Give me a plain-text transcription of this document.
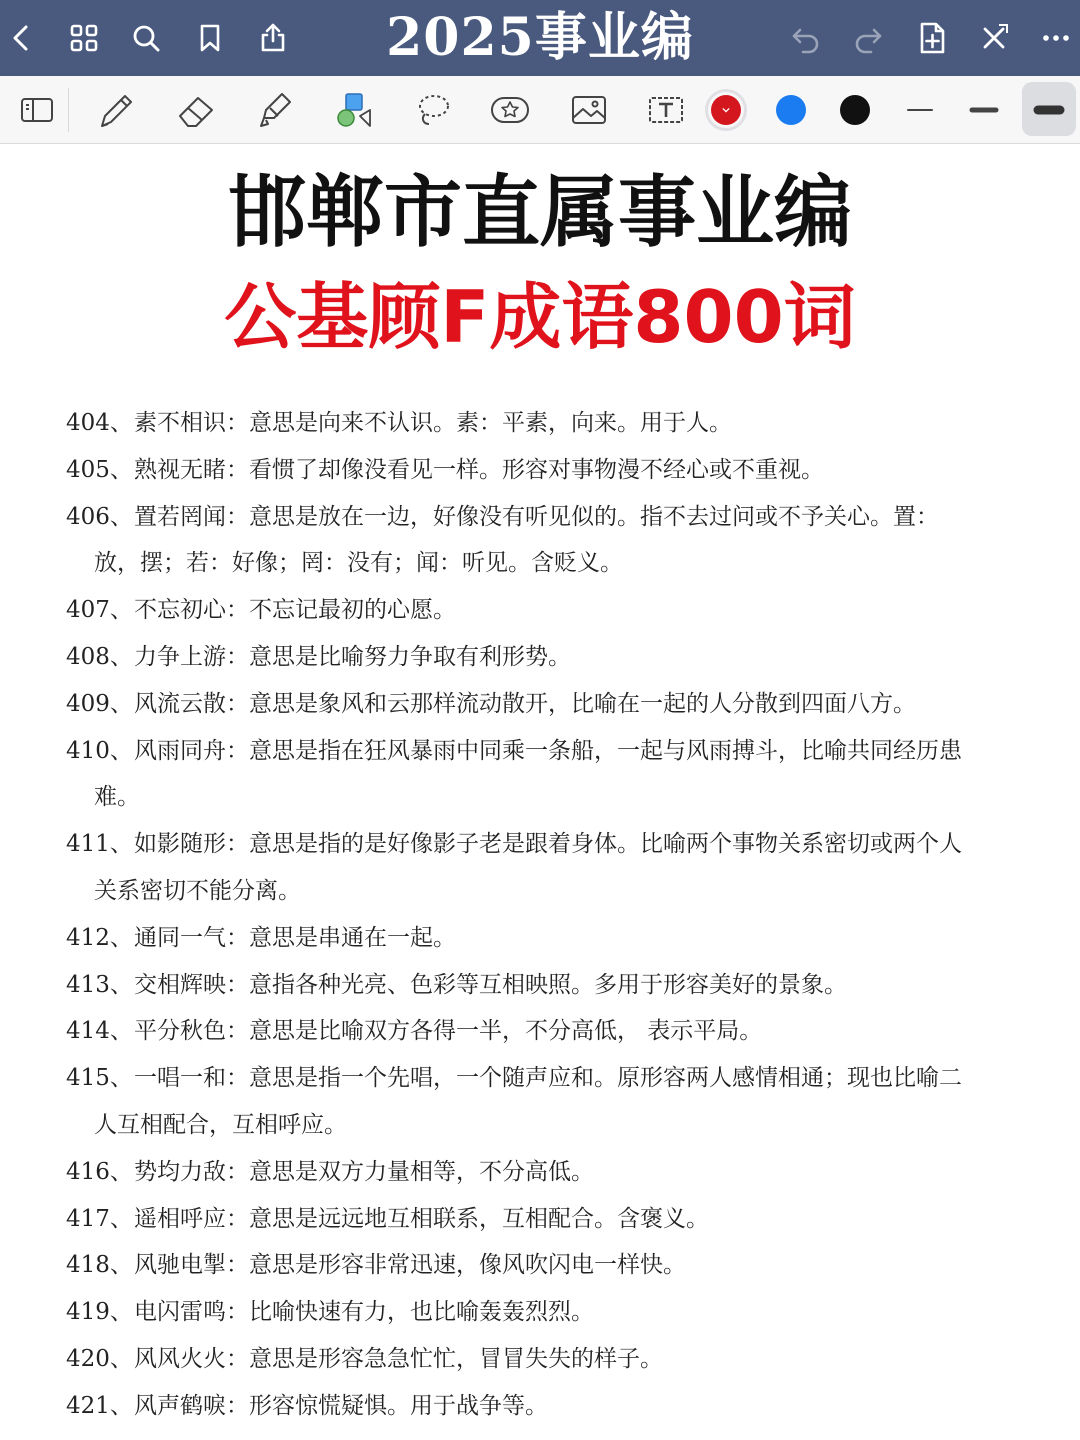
2025事业编
邯郸市直属事业编
公基顾F成语800词
404、素不相识：意思是向来不认识。素：平素，向来。用于人。
405、熟视无睹：看惯了却像没看见一样。形容对事物漫不经心或不重视。
406、置若罔闻：意思是放在一边，好像没有听见似的。指不去过问或不予关心。置：
放，摆；若：好像；罔：没有；闻：听见。含贬义。
407、不忘初心：不忘记最初的心愿。
408、力争上游：意思是比喻努力争取有利形势。
409、风流云散：意思是象风和云那样流动散开，比喻在一起的人分散到四面八方。
410、风雨同舟：意思是指在狂风暴雨中同乘一条船，一起与风雨搏斗，比喻共同经历患
难。
411、如影随形：意思是指的是好像影子老是跟着身体。比喻两个事物关系密切或两个人
关系密切不能分离。
412、通同一气：意思是串通在一起。
413、交相辉映：意指各种光亮、色彩等互相映照。多用于形容美好的景象。
414、平分秋色：意思是比喻双方各得一半，不分高低， 表示平局。
415、一唱一和：意思是指一个先唱，一个随声应和。原形容两人感情相通；现也比喻二
人互相配合，互相呼应。
416、势均力敌：意思是双方力量相等，不分高低。
417、遥相呼应：意思是远远地互相联系，互相配合。含褒义。
418、风驰电掣：意思是形容非常迅速，像风吹闪电一样快。
419、电闪雷鸣：比喻快速有力，也比喻轰轰烈烈。
420、风风火火：意思是形容急急忙忙，冒冒失失的样子。
421、风声鹤唳：形容惊慌疑惧。用于战争等。
